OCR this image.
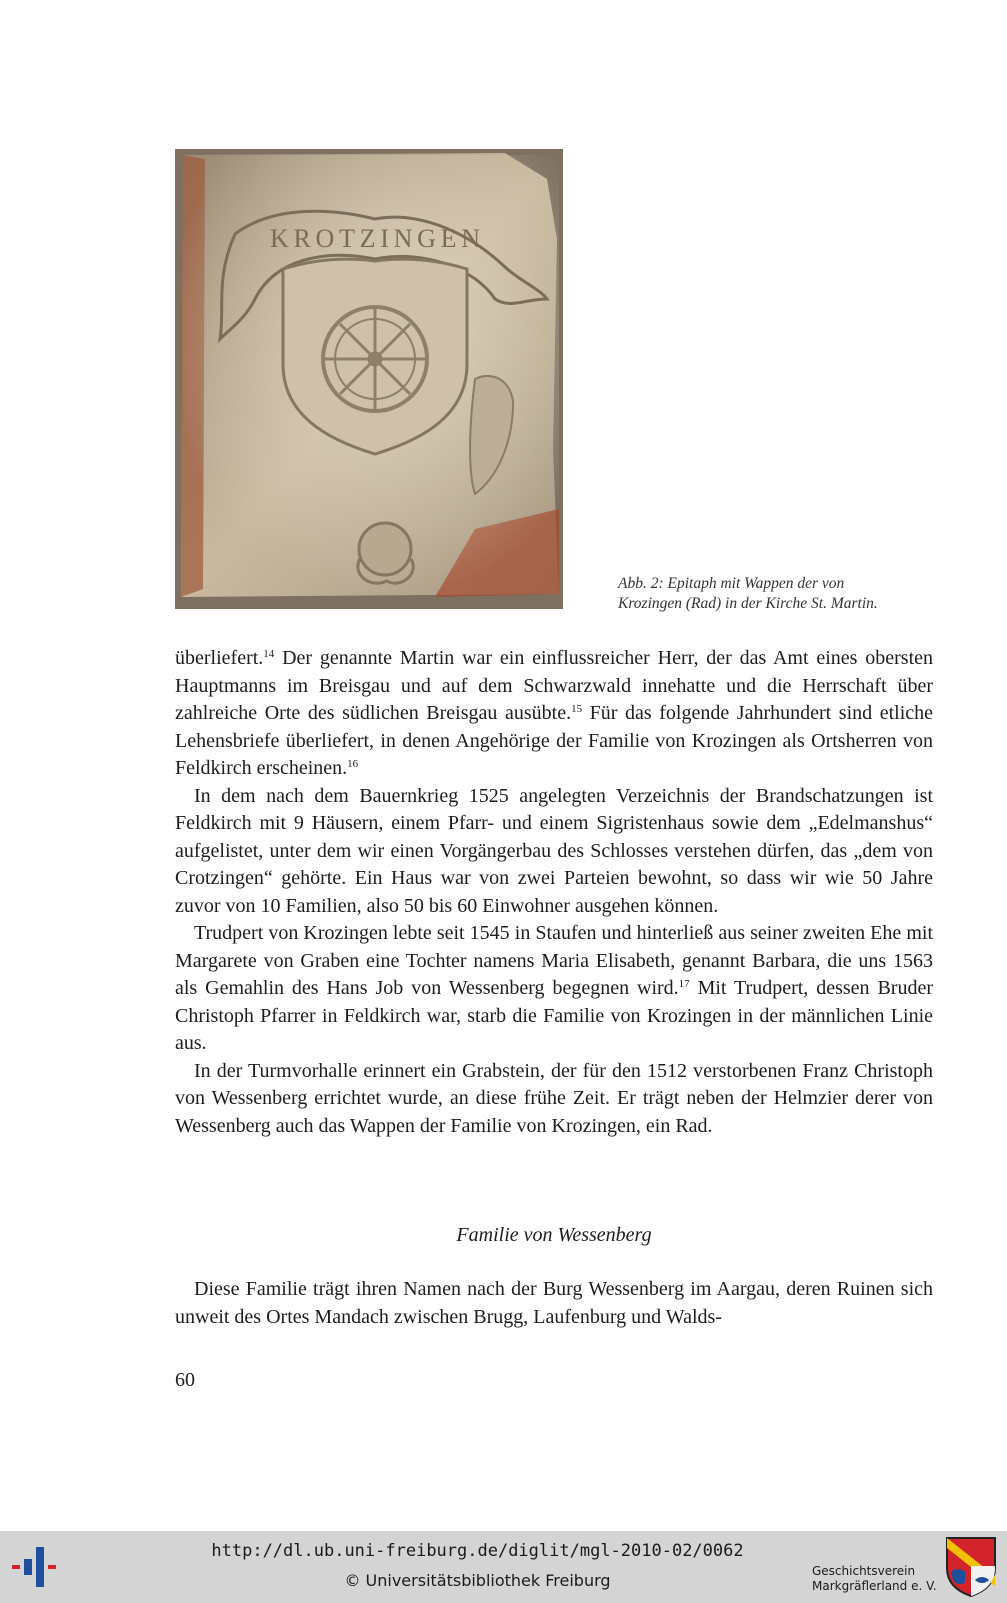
KROTZINGEN
Abb. 2: Epitaph mit Wappen der von
Krozingen (Rad) in der Kirche St. Martin.

überliefert.$^{14}$ Der genannte Martin war ein einflussreicher Herr, der das Amt eines obersten Hauptmanns im Breisgau und auf dem Schwarzwald innehatte und die Herrschaft über zahlreiche Orte des südlichen Breisgau ausübte.$^{15}$ Für das folgende Jahrhundert sind etliche Lehensbriefe überliefert, in denen Angehörige der Familie von Krozingen als Ortsherren von Feldkirch erscheinen.$^{16}$

In dem nach dem Bauernkrieg 1525 angelegten Verzeichnis der Brandschatzungen ist Feldkirch mit 9 Häusern, einem Pfarr- und einem Sigristenhaus sowie dem „Edelmanshus“ aufgelistet, unter dem wir einen Vorgängerbau des Schlosses verstehen dürfen, das „dem von Crotzingen“ gehörte. Ein Haus war von zwei Parteien bewohnt, so dass wir wie 50 Jahre zuvor von 10 Familien, also 50 bis 60 Einwohner ausgehen können.

Trudpert von Krozingen lebte seit 1545 in Staufen und hinterließ aus seiner zweiten Ehe mit Margarete von Graben eine Tochter namens Maria Elisabeth, genannt Barbara, die uns 1563 als Gemahlin des Hans Job von Wessenberg begegnen wird.$^{17}$ Mit Trudpert, dessen Bruder Christoph Pfarrer in Feldkirch war, starb die Familie von Krozingen in der männlichen Linie aus.

In der Turmvorhalle erinnert ein Grabstein, der für den 1512 verstorbenen Franz Christoph von Wessenberg errichtet wurde, an diese frühe Zeit. Er trägt neben der Helmzier derer von Wessenberg auch das Wappen der Familie von Krozingen, ein Rad.

Familie von Wessenberg

Diese Familie trägt ihren Namen nach der Burg Wessenberg im Aargau, deren Ruinen sich unweit des Ortes Mandach zwischen Brugg, Laufenburg und Walds-

60
http://dl.ub.uni-freiburg.de/diglit/mgl-2010-02/0062
© Universitätsbibliothek Freiburg	Geschichtsverein
Markgräflerland e. V.
